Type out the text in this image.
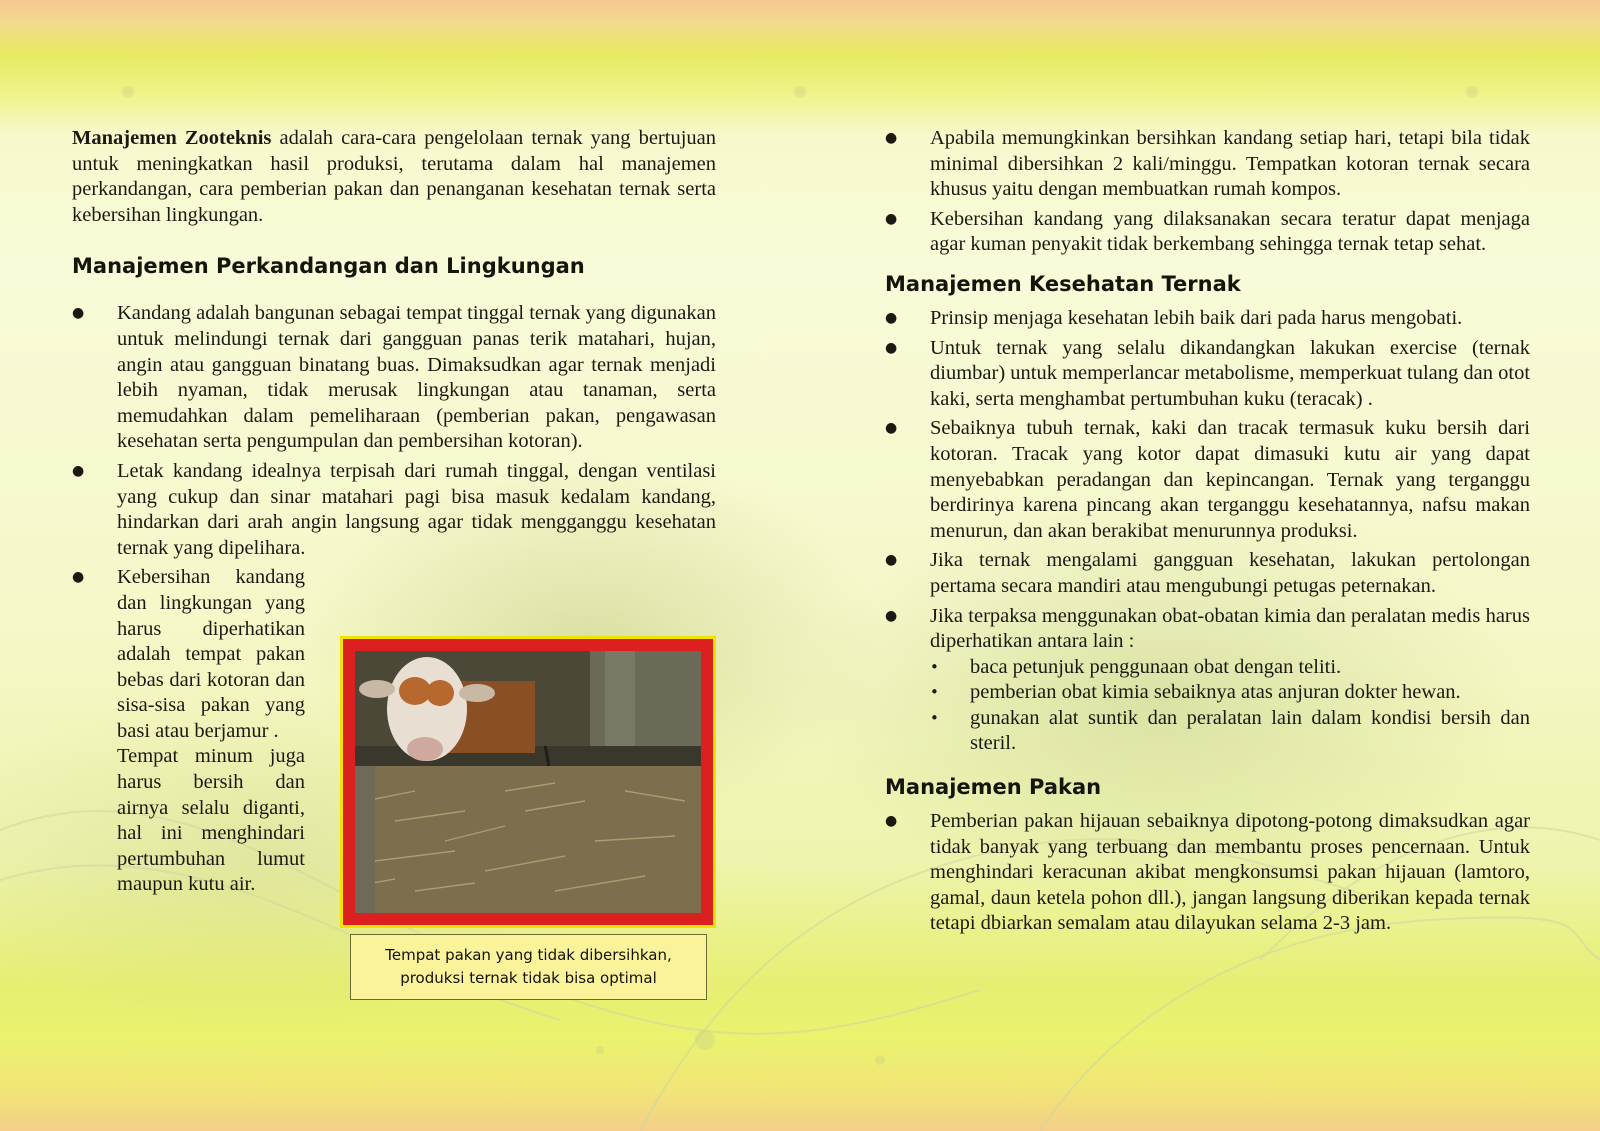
Manajemen Zooteknis adalah cara-cara pengelolaan ternak yang bertujuan untuk meningkatkan hasil produksi, terutama dalam hal manajemen perkandangan, cara pemberian pakan dan penanganan kesehatan ternak serta kebersihan lingkungan.

Manajemen Perkandangan dan Lingkungan
● Kandang adalah bangunan sebagai tempat tinggal ternak yang digunakan untuk melindungi ternak dari gangguan panas terik matahari, hujan, angin atau gangguan binatang buas. Dimaksudkan agar ternak menjadi lebih nyaman, tidak merusak lingkungan atau tanaman, serta memudahkan dalam pemeliharaan (pemberian pakan, pengawasan kesehatan serta pengumpulan dan pembersihan kotoran).
● Letak kandang idealnya terpisah dari rumah tinggal, dengan ventilasi yang cukup dan sinar matahari pagi bisa masuk kedalam kandang, hindarkan dari arah angin langsung agar tidak mengganggu kesehatan ternak yang dipelihara.
● Kebersihan kandang dan lingkungan yang harus diperhatikan adalah tempat pakan bebas dari kotoran dan sisa-sisa pakan yang basi atau berjamur .
Tempat minum juga harus bersih dan airnya selalu diganti, hal ini menghindari pertumbuhan lumut maupun kutu air.
Tempat pakan yang tidak dibersihkan,
produksi ternak tidak bisa optimal
● Apabila memungkinkan bersihkan kandang setiap hari, tetapi bila tidak minimal dibersihkan 2 kali/minggu. Tempatkan kotoran ternak secara khusus yaitu dengan membuatkan rumah kompos.
● Kebersihan kandang yang dilaksanakan secara teratur dapat menjaga agar kuman penyakit tidak berkembang sehingga ternak tetap sehat.
Manajemen Kesehatan Ternak
● Prinsip menjaga kesehatan lebih baik dari pada harus mengobati.
● Untuk ternak yang selalu dikandangkan lakukan exercise (ternak diumbar) untuk memperlancar metabolisme, memperkuat tulang dan otot kaki, serta menghambat pertumbuhan kuku (teracak) .
● Sebaiknya tubuh ternak, kaki dan tracak termasuk kuku bersih dari kotoran. Tracak yang kotor dapat dimasuki kutu air yang dapat menyebabkan peradangan dan kepincangan. Ternak yang terganggu berdirinya karena pincang akan terganggu kesehatannya, nafsu makan menurun, dan akan berakibat menurunnya produksi.
● Jika ternak mengalami gangguan kesehatan, lakukan pertolongan pertama secara mandiri atau mengubungi petugas peternakan.
● Jika terpaksa menggunakan obat-obatan kimia dan peralatan medis harus diperhatikan antara lain :
• baca petunjuk penggunaan obat dengan teliti.
• pemberian obat kimia sebaiknya atas anjuran dokter hewan.
• gunakan alat suntik dan peralatan lain dalam kondisi bersih dan steril.
Manajemen Pakan
● Pemberian pakan hijauan sebaiknya dipotong-potong dimaksudkan agar tidak banyak yang terbuang dan membantu proses pencernaan. Untuk menghindari keracunan akibat mengkonsumsi pakan hijauan (lamtoro, gamal, daun ketela pohon dll.), jangan langsung diberikan kepada ternak tetapi dbiarkan semalam atau dilayukan selama 2-3 jam.
